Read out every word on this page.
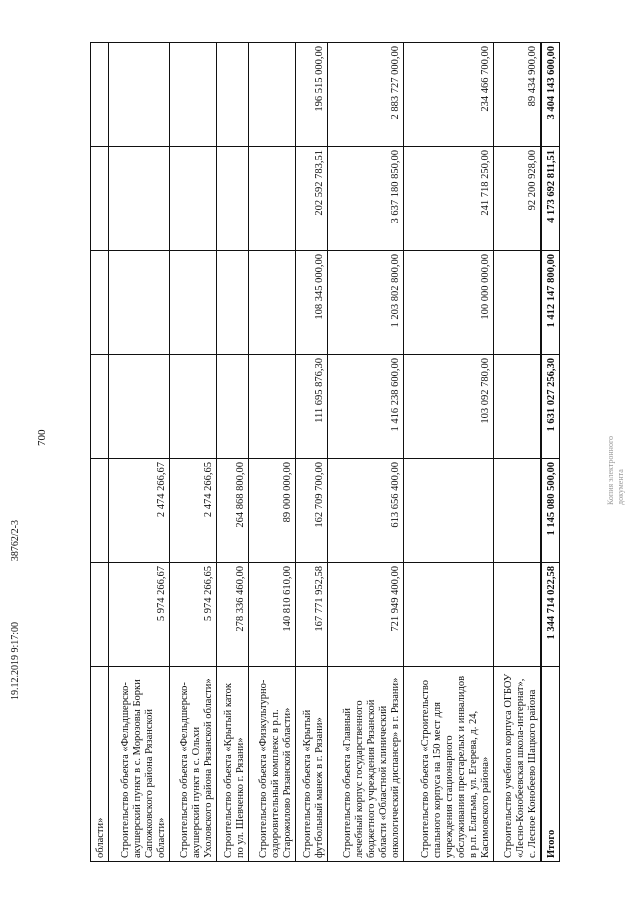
700
19.12.2019 9:17:00
38762/2-3
Копия электронного документа
области»						
Строительство объекта «Фельдшерско-акушерский пункт в с. Морозовы Борки Сапожковского района Рязанской области»	5 974 266,67	2 474 266,67				
Строительство объекта «Фельдшерско-акушерский пункт в с. Ольхи Ухоловского района Рязанской области»	5 974 266,65	2 474 266,65				
Строительство объекта «Крытый каток по ул. Шевченко г. Рязани»	278 336 460,00	264 868 800,00				
Строительство объекта «Физкультурно-оздоровительный комплекс в р.п. Старожилово Рязанской области»	140 810 610,00	89 000 000,00				
Строительство объекта «Крытый футбольный манеж в г. Рязани»	167 771 952,58	162 709 700,00	111 695 876,30	108 345 000,00	202 592 783,51	196 515 000,00
Строительство объекта «Главный лечебный корпус государственного бюджетного учреждения Рязанской области «Областной клинический онкологический диспансер» в г. Рязани»	721 949 400,00	613 656 400,00	1 416 238 600,00	1 203 802 800,00	3 637 180 850,00	2 883 727 000,00
Строительство объекта «Строительство спального корпуса на 150 мест для учреждения стационарного обслуживания престарелых и инвалидов в р.п. Елатьма, ул. Егерева, д. 24, Касимовского района»			103 092 780,00	100 000 000,00	241 718 250,00	234 466 700,00
Строительство учебного корпуса ОГБОУ «Лесно-Конобеевская школа-интернат», с. Лесное Конобеево Шацкого района					92 200 928,00	89 434 900,00
Итого	1 344 714 022,58	1 145 080 500,00	1 631 027 256,30	1 412 147 800,00	4 173 692 811,51	3 404 143 600,00
